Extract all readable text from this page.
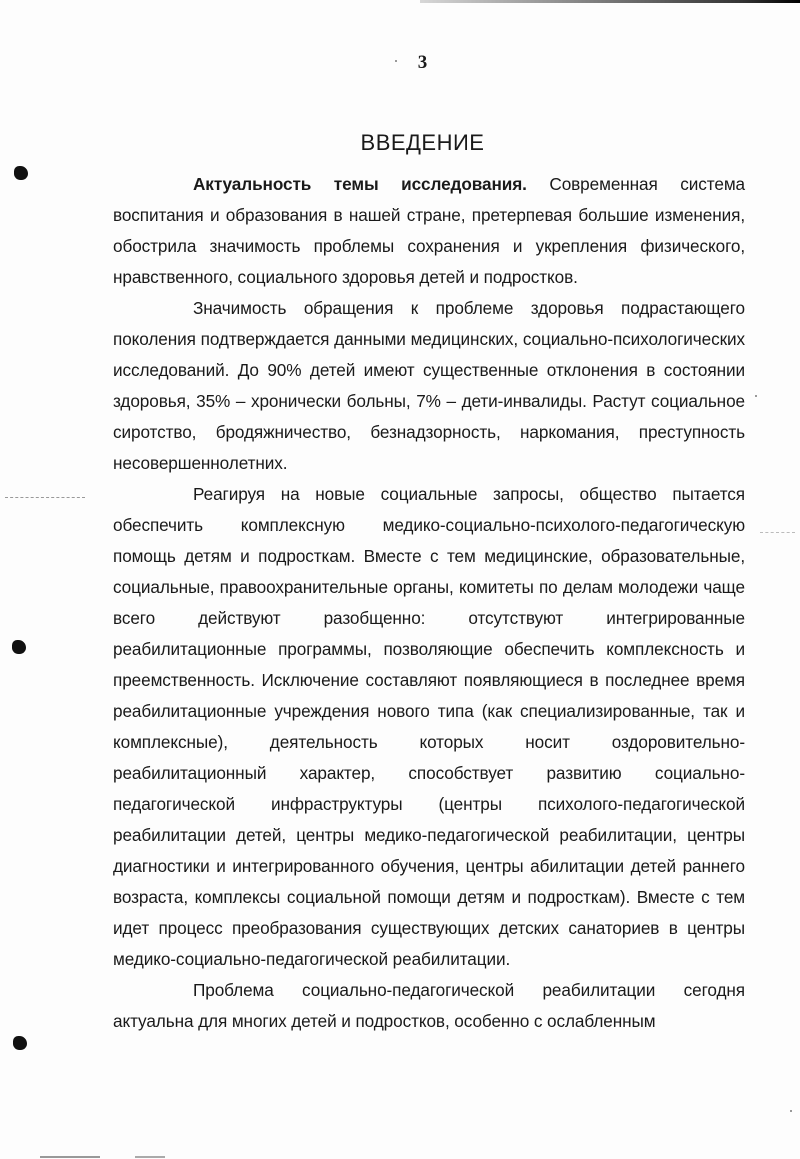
3
ВВЕДЕНИЕ

Актуальность темы исследования. Современная система воспитания и образования в нашей стране, претерпевая большие изменения, обострила значимость проблемы сохранения и укрепления физического, нравственного, социального здоровья детей и подростков.

Значимость обращения к проблеме здоровья подрастающего поколения подтверждается данными медицинских, социально-психологических исследований. До 90% детей имеют существенные отклонения в состоянии здоровья, 35% – хронически больны, 7% – дети-инвалиды. Растут социальное сиротство, бродяжничество, безнадзорность, наркомания, преступность несовершеннолетних.

Реагируя на новые социальные запросы, общество пытается обеспечить комплексную медико-социально-психолого-педагогическую помощь детям и подросткам. Вместе с тем медицинские, образовательные, социальные, правоохранительные органы, комитеты по делам молодежи чаще всего действуют разобщенно: отсутствуют интегрированные реабилитационные программы, позволяющие обеспечить комплексность и преемственность. Исключение составляют появляющиеся в последнее время реабилитационные учреждения нового типа (как специализированные, так и комплексные), деятельность которых носит оздоровительно-реабилитационный характер, способствует развитию социально-педагогической инфраструктуры (центры психолого-педагогической реабилитации детей, центры медико-педагогической реабилитации, центры диагностики и интегрированного обучения, центры абилитации детей раннего возраста, комплексы социальной помощи детям и подросткам). Вместе с тем идет процесс преобразования существующих детских санаториев в центры медико-социально-педагогической реабилитации.

Проблема социально-педагогической реабилитации сегодня актуальна для многих детей и подростков, особенно с ослабленным
